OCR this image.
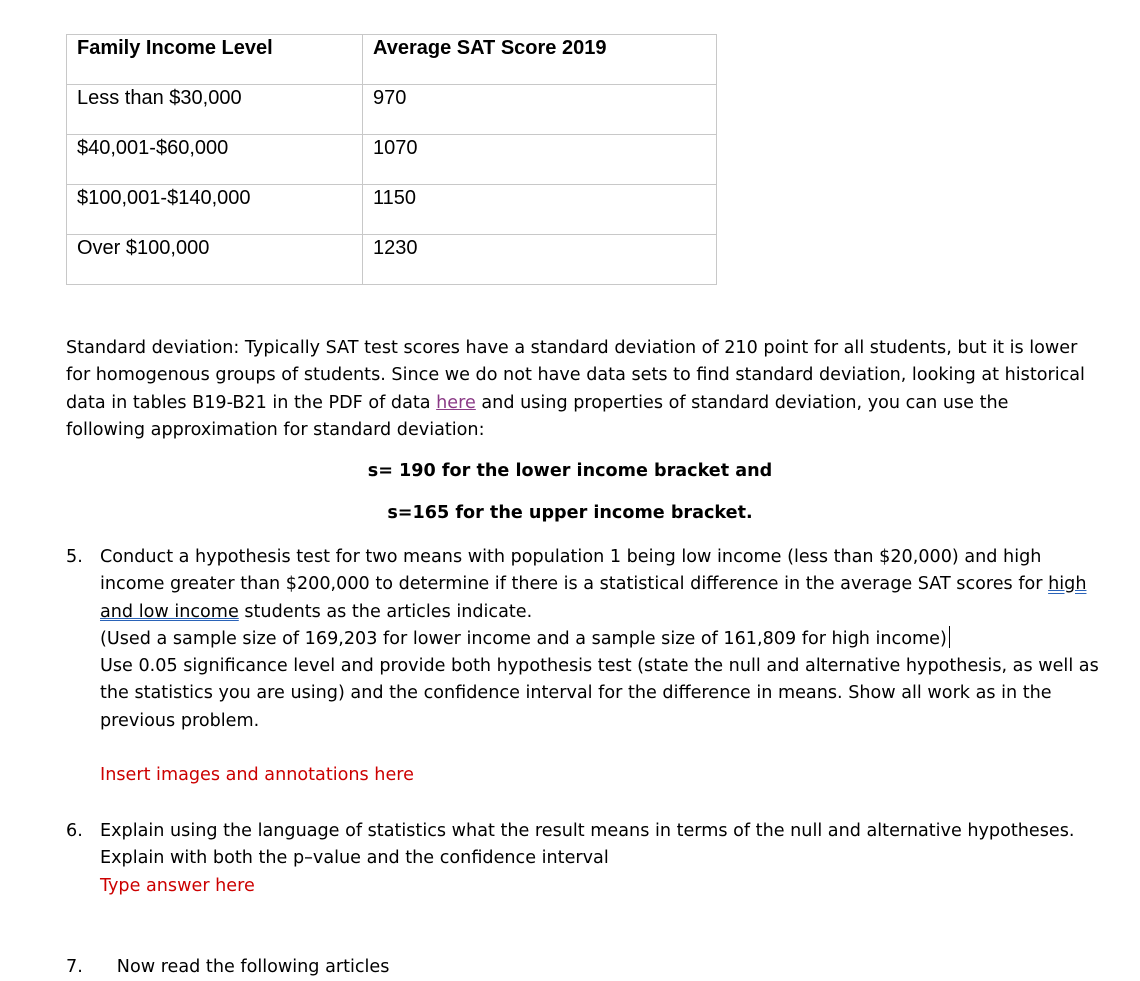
Family Income Level	Average SAT Score 2019
Less than $30,000	970
$40,001-$60,000	1070
$100,001-$140,000	1150
Over $100,000	1230
Standard deviation: Typically SAT test scores have a standard deviation of 210 point for all students, but it is lower for homogenous groups of students. Since we do not have data sets to find standard deviation, looking at historical data in tables B19-B21 in the PDF of data here and using properties of standard deviation, you can use the following approximation for standard deviation:
s= 190 for the lower income bracket and
s=165 for the upper income bracket.
5. Conduct a hypothesis test for two means with population 1 being low income (less than $20,000) and high income greater than $200,000 to determine if there is a statistical difference in the average SAT scores for high and low income students as the articles indicate.
(Used a sample size of 169,203 for lower income and a sample size of 161,809 for high income)
Use 0.05 significance level and provide both hypothesis test (state the null and alternative hypothesis, as well as the statistics you are using) and the confidence interval for the difference in means. Show all work as in the previous problem.
Insert images and annotations here
6. Explain using the language of statistics what the result means in terms of the null and alternative hypotheses.
Explain with both the p–value and the confidence interval
Type answer here
7. Now read the following articles
